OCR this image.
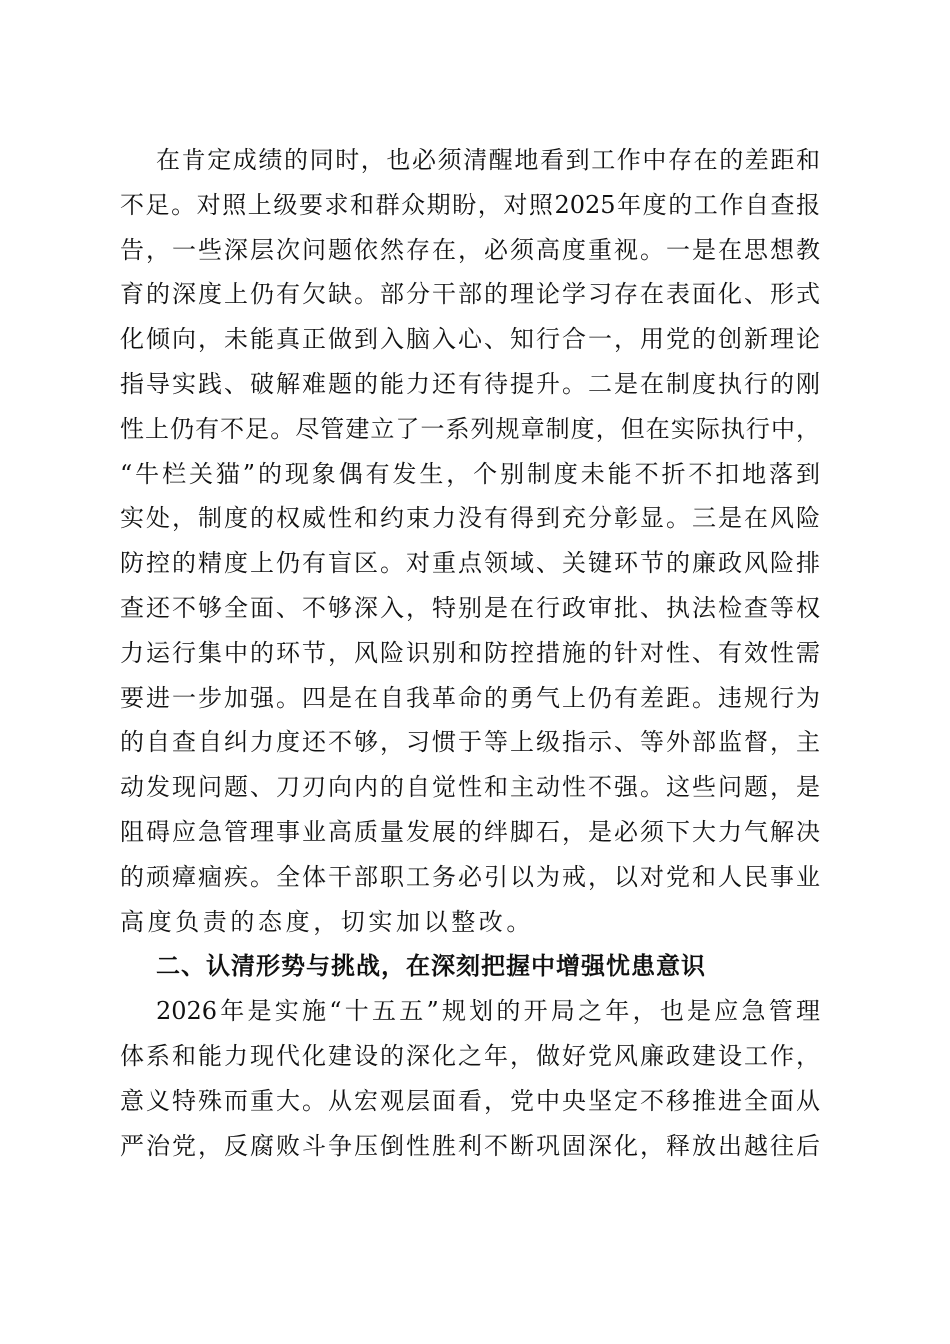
在肯定成绩的同时，也必须清醒地看到工作中存在的差距和
不足。对照上级要求和群众期盼，对照2025年度的工作自查报
告，一些深层次问题依然存在，必须高度重视。一是在思想教
育的深度上仍有欠缺。部分干部的理论学习存在表面化、形式
化倾向，未能真正做到入脑入心、知行合一，用党的创新理论
指导实践、破解难题的能力还有待提升。二是在制度执行的刚
性上仍有不足。尽管建立了一系列规章制度，但在实际执行中，
“牛栏关猫”的现象偶有发生，个别制度未能不折不扣地落到
实处，制度的权威性和约束力没有得到充分彰显。三是在风险
防控的精度上仍有盲区。对重点领域、关键环节的廉政风险排
查还不够全面、不够深入，特别是在行政审批、执法检查等权
力运行集中的环节，风险识别和防控措施的针对性、有效性需
要进一步加强。四是在自我革命的勇气上仍有差距。违规行为
的自查自纠力度还不够，习惯于等上级指示、等外部监督，主
动发现问题、刀刃向内的自觉性和主动性不强。这些问题，是
阻碍应急管理事业高质量发展的绊脚石，是必须下大力气解决
的顽瘴痼疾。全体干部职工务必引以为戒，以对党和人民事业
高度负责的态度，切实加以整改。
二、认清形势与挑战，在深刻把握中增强忧患意识
2026年是实施“十五五”规划的开局之年，也是应急管理
体系和能力现代化建设的深化之年，做好党风廉政建设工作，
意义特殊而重大。从宏观层面看，党中央坚定不移推进全面从
严治党，反腐败斗争压倒性胜利不断巩固深化，释放出越往后
